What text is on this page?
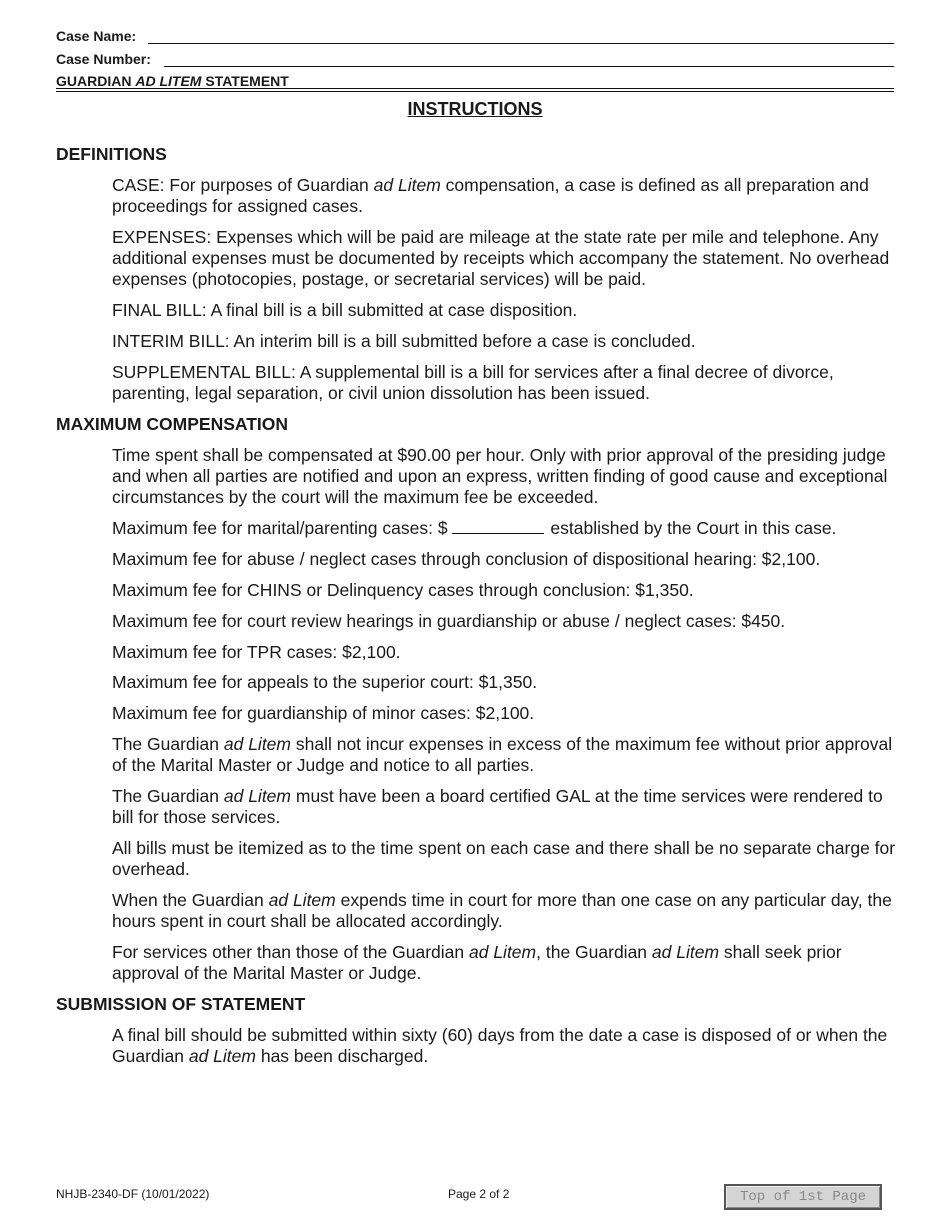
Case Name:
Case Number:
GUARDIAN AD LITEM STATEMENT
INSTRUCTIONS
DEFINITIONS
CASE: For purposes of Guardian ad Litem compensation, a case is defined as all preparation and proceedings for assigned cases.
EXPENSES: Expenses which will be paid are mileage at the state rate per mile and telephone. Any additional expenses must be documented by receipts which accompany the statement. No overhead expenses (photocopies, postage, or secretarial services) will be paid.
FINAL BILL: A final bill is a bill submitted at case disposition.
INTERIM BILL: An interim bill is a bill submitted before a case is concluded.
SUPPLEMENTAL BILL: A supplemental bill is a bill for services after a final decree of divorce, parenting, legal separation, or civil union dissolution has been issued.
MAXIMUM COMPENSATION
Time spent shall be compensated at $90.00 per hour. Only with prior approval of the presiding judge and when all parties are notified and upon an express, written finding of good cause and exceptional circumstances by the court will the maximum fee be exceeded.
Maximum fee for marital/parenting cases: $	established by the Court in this case.
Maximum fee for abuse / neglect cases through conclusion of dispositional hearing: $2,100.
Maximum fee for CHINS or Delinquency cases through conclusion: $1,350.
Maximum fee for court review hearings in guardianship or abuse / neglect cases: $450.
Maximum fee for TPR cases: $2,100.
Maximum fee for appeals to the superior court: $1,350.
Maximum fee for guardianship of minor cases: $2,100.
The Guardian ad Litem shall not incur expenses in excess of the maximum fee without prior approval of the Marital Master or Judge and notice to all parties.
The Guardian ad Litem must have been a board certified GAL at the time services were rendered to bill for those services.
All bills must be itemized as to the time spent on each case and there shall be no separate charge for overhead.
When the Guardian ad Litem expends time in court for more than one case on any particular day, the hours spent in court shall be allocated accordingly.
For services other than those of the Guardian ad Litem, the Guardian ad Litem shall seek prior approval of the Marital Master or Judge.
SUBMISSION OF STATEMENT
A final bill should be submitted within sixty (60) days from the date a case is disposed of or when the Guardian ad Litem has been discharged.
NHJB-2340-DF (10/01/2022)	Page 2 of 2	Top of 1st Page
